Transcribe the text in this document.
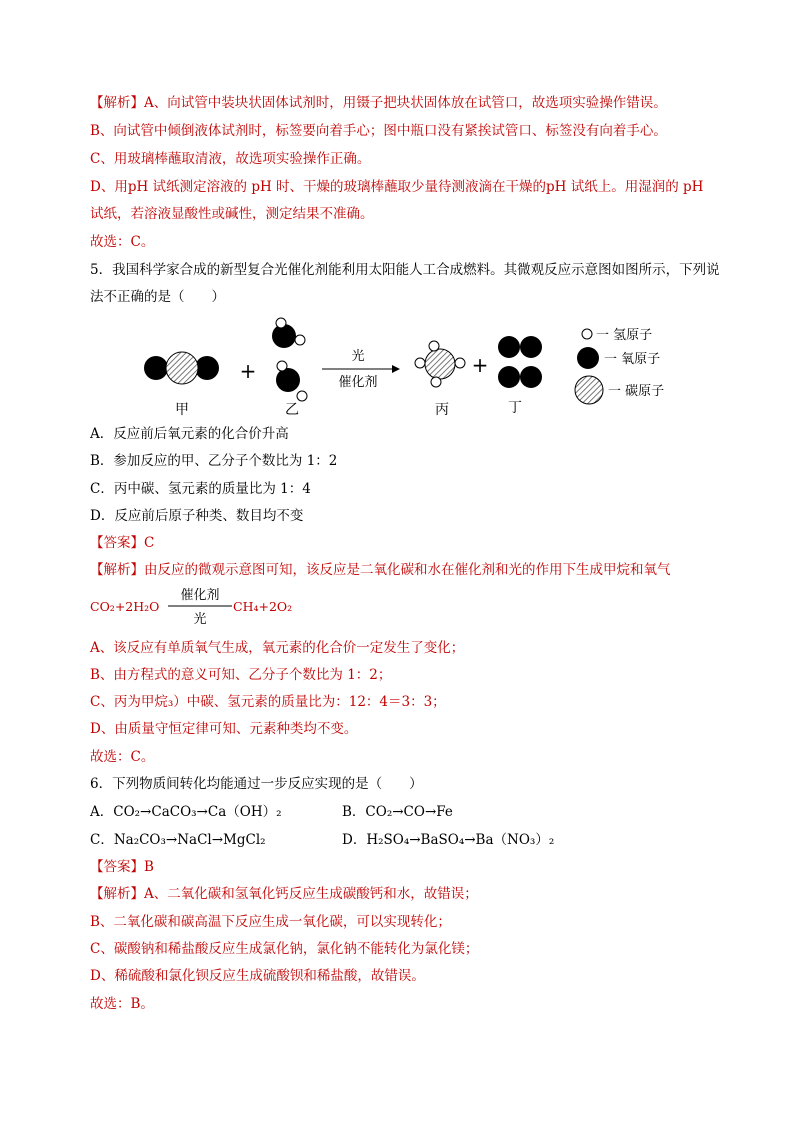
【解析】A、向试管中装块状固体试剂时，用镊子把块状固体放在试管口，故选项实验操作错误。
B、向试管中倾倒液体试剂时，标签要向着手心；图中瓶口没有紧挨试管口、标签没有向着手心。
C、用玻璃棒蘸取清液，故选项实验操作正确。
D、用pH 试纸测定溶液的 pH 时、干燥的玻璃棒蘸取少量待测液滴在干燥的pH 试纸上。用湿润的 pH
试纸，若溶液显酸性或碱性，测定结果不准确。
故选：C。
5．我国科学家合成的新型复合光催化剂能利用太阳能人工合成燃料。其微观反应示意图如图所示，下列说
法不正确的是（　　）
甲
+
乙
光
催化剂
丙
+
丁
一 氢原子
一 氧原子
一 碳原子
A．反应前后氧元素的化合价升高
B．参加反应的甲、乙分子个数比为 1：2
C．丙中碳、氢元素的质量比为 1：4
D．反应前后原子种类、数目均不变
【答案】C
【解析】由反应的微观示意图可知，该反应是二氧化碳和水在催化剂和光的作用下生成甲烷和氧气
CO₂+2H₂O
催化剂
光
CH₄+2O₂
A、该反应有单质氧气生成，氧元素的化合价一定发生了变化；
B、由方程式的意义可知、乙分子个数比为 1：2；
C、丙为甲烷₃）中碳、氢元素的质量比为：12：4＝3：3；
D、由质量守恒定律可知、元素种类均不变。
故选：C。
6．下列物质间转化均能通过一步反应实现的是（　　）
A．CO₂→CaCO₃→Ca（OH）₂	B．CO₂→CO→Fe
C．Na₂CO₃→NaCl→MgCl₂	D．H₂SO₄→BaSO₄→Ba（NO₃）₂
【答案】B
【解析】A、二氧化碳和氢氧化钙反应生成碳酸钙和水，故错误；
B、二氧化碳和碳高温下反应生成一氧化碳，可以实现转化；
C、碳酸钠和稀盐酸反应生成氯化钠，氯化钠不能转化为氯化镁；
D、稀硫酸和氯化钡反应生成硫酸钡和稀盐酸，故错误。
故选：B。
